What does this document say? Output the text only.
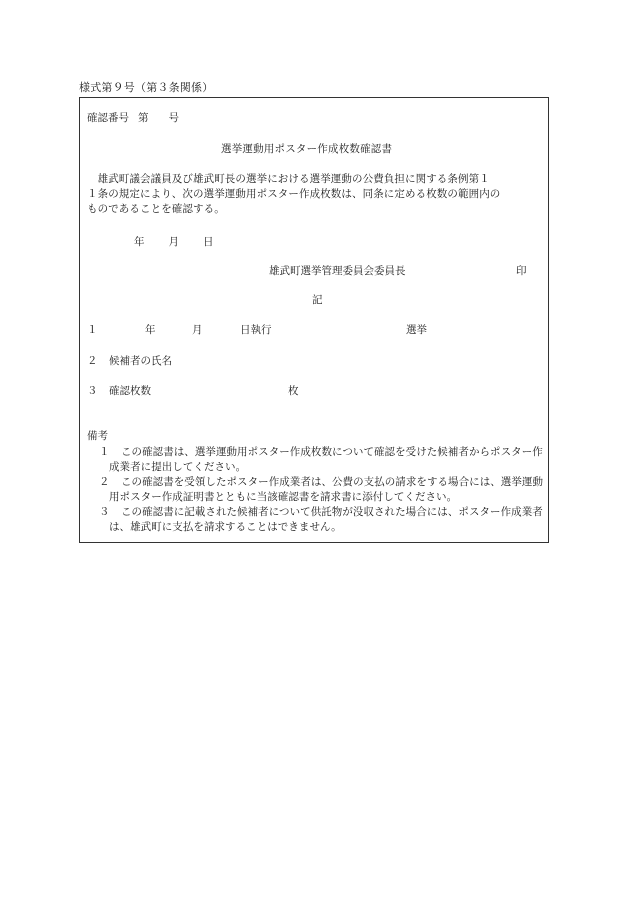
様式第９号（第３条関係）
確認番号 第 号
選挙運動用ポスター作成枚数確認書

　雄武町議会議員及び雄武町長の選挙における選挙運動の公費負担に関する条例第１

１条の規定により、次の選挙運動用ポスター作成枚数は、同条に定める枚数の範囲内の

ものであることを確認する。

年 月 日
雄武町選挙管理委員会委員長	印
記
１	年	月	日執行	選挙
２ 候補者の氏名
３ 確認枚数	枚
備考
１	この確認書は、選挙運動用ポスター作成枚数について確認を受けた候補者からポスター作成業者に提出してください。
２	この確認書を受領したポスター作成業者は、公費の支払の請求をする場合には、選挙運動用ポスター作成証明書とともに当該確認書を請求書に添付してください。
３	この確認書に記載された候補者について供託物が没収された場合には、ポスター作成業者は、雄武町に支払を請求することはできません。
